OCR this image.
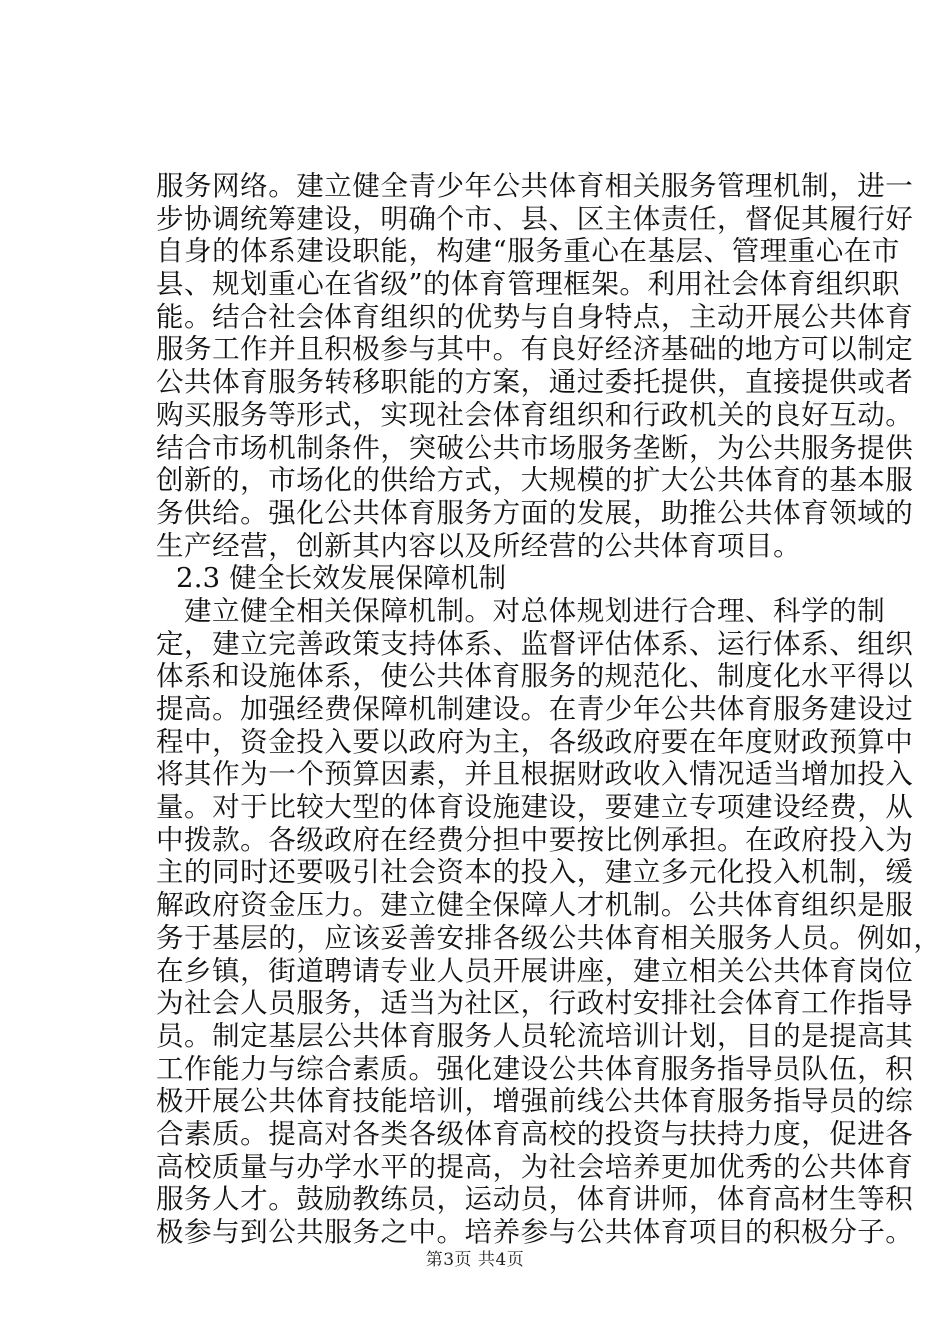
服务网络。建立健全青少年公共体育相关服务管理机制，进一
步协调统筹建设，明确个市、县、区主体责任，督促其履行好
自身的体系建设职能，构建“服务重心在基层、管理重心在市
县、规划重心在省级”的体育管理框架。利用社会体育组织职
能。结合社会体育组织的优势与自身特点，主动开展公共体育
服务工作并且积极参与其中。有良好经济基础的地方可以制定
公共体育服务转移职能的方案，通过委托提供，直接提供或者
购买服务等形式，实现社会体育组织和行政机关的良好互动。
结合市场机制条件，突破公共市场服务垄断，为公共服务提供
创新的，市场化的供给方式，大规模的扩大公共体育的基本服
务供给。强化公共体育服务方面的发展，助推公共体育领域的
生产经营，创新其内容以及所经营的公共体育项目。
2.3 健全长效发展保障机制
建立健全相关保障机制。对总体规划进行合理、科学的制
定，建立完善政策支持体系、监督评估体系、运行体系、组织
体系和设施体系，使公共体育服务的规范化、制度化水平得以
提高。加强经费保障机制建设。在青少年公共体育服务建设过
程中，资金投入要以政府为主，各级政府要在年度财政预算中
将其作为一个预算因素，并且根据财政收入情况适当增加投入
量。对于比较大型的体育设施建设，要建立专项建设经费，从
中拨款。各级政府在经费分担中要按比例承担。在政府投入为
主的同时还要吸引社会资本的投入，建立多元化投入机制，缓
解政府资金压力。建立健全保障人才机制。公共体育组织是服
务于基层的，应该妥善安排各级公共体育相关服务人员。例如，
在乡镇，街道聘请专业人员开展讲座，建立相关公共体育岗位
为社会人员服务，适当为社区，行政村安排社会体育工作指导
员。制定基层公共体育服务人员轮流培训计划，目的是提高其
工作能力与综合素质。强化建设公共体育服务指导员队伍，积
极开展公共体育技能培训，增强前线公共体育服务指导员的综
合素质。提高对各类各级体育高校的投资与扶持力度，促进各
高校质量与办学水平的提高，为社会培养更加优秀的公共体育
服务人才。鼓励教练员，运动员，体育讲师，体育高材生等积
极参与到公共服务之中。培养参与公共体育项目的积极分子。
第3页 共4页
